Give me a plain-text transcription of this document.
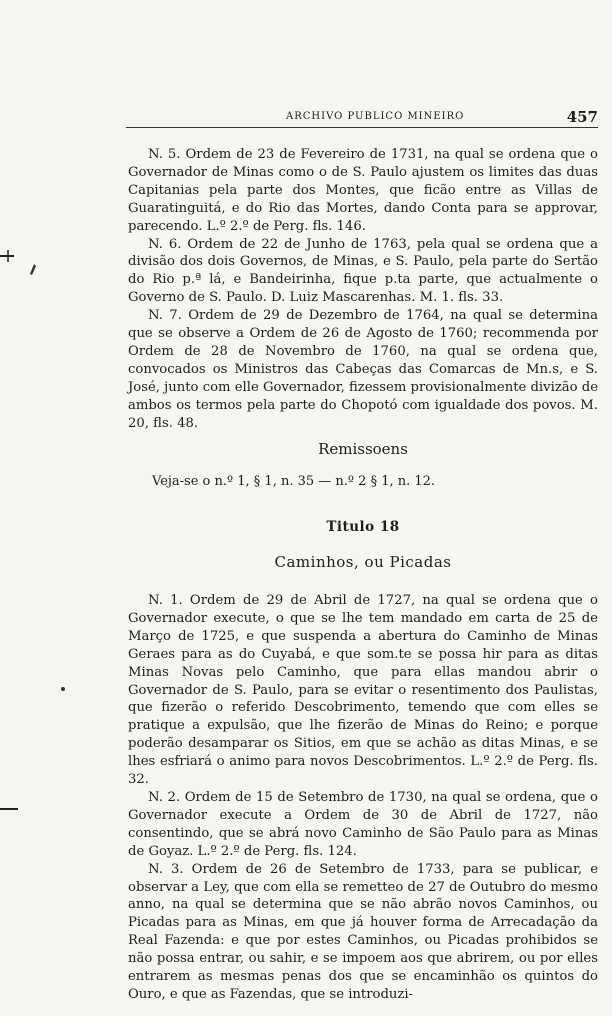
ARCHIVO PUBLICO MINEIRO	457

N. 5. Ordem de 23 de Fevereiro de 1731, na qual se ordena que o Governador de Minas como o de S. Paulo ajustem os limites das duas Capitanias pela parte dos Montes, que ficão entre as Villas de Guaratinguitá, e do Rio das Mortes, dando Conta para se approvar, parecendo. L.º 2.º de Perg. fls. 146.

N. 6. Ordem de 22 de Junho de 1763, pela qual se ordena que a divisão dos dois Governos, de Minas, e S. Paulo, pela parte do Sertão do Rio p.ª lá, e Bandeirinha, fique p.ta parte, que actualmente o Governo de S. Paulo. D. Luiz Mascarenhas. M. 1. fls. 33.

N. 7. Ordem de 29 de Dezembro de 1764, na qual se determina que se observe a Ordem de 26 de Agosto de 1760; recommenda por Ordem de 28 de Novembro de 1760, na qual se ordena que, convocados os Ministros das Cabeças das Comarcas de Mn.s, e S. José, junto com elle Governador, fizessem provisionalmente divizão de ambos os termos pela parte do Chopotó com igualdade dos povos. M. 20, fls. 48.

Remissoens
Veja-se o n.º 1, § 1, n. 35 — n.º 2 § 1, n. 12.
Titulo 18
Caminhos, ou Picadas

N. 1. Ordem de 29 de Abril de 1727, na qual se ordena que o Governador execute, o que se lhe tem mandado em carta de 25 de Março de 1725, e que suspenda a abertura do Caminho de Minas Geraes para as do Cuyabá, e que som.te se possa hir para as ditas Minas Novas pelo Caminho, que para ellas mandou abrir o Governador de S. Paulo, para se evitar o resentimento dos Paulistas, que fizerão o referido Descobrimento, temendo que com elles se pratique a expulsão, que lhe fizerão de Minas do Reino; e porque poderão desamparar os Sitios, em que se achão as ditas Minas, e se lhes esfriará o animo para novos Descobrimentos. L.º 2.º de Perg. fls. 32.

N. 2. Ordem de 15 de Setembro de 1730, na qual se ordena, que o Governador execute a Ordem de 30 de Abril de 1727, não consentindo, que se abrá novo Caminho de São Paulo para as Minas de Goyaz. L.º 2.º de Perg. fls. 124.

N. 3. Ordem de 26 de Setembro de 1733, para se publicar, e observar a Ley, que com ella se remetteo de 27 de Outubro do mesmo anno, na qual se determina que se não abrão novos Caminhos, ou Picadas para as Minas, em que já houver forma de Arrecadação da Real Fazenda: e que por estes Caminhos, ou Picadas prohibidos se não possa entrar, ou sahir, e se impoem aos que abrirem, ou por elles entrarem as mesmas penas dos que se encaminhão os quintos do Ouro, e que as Fazendas, que se introduzi-
